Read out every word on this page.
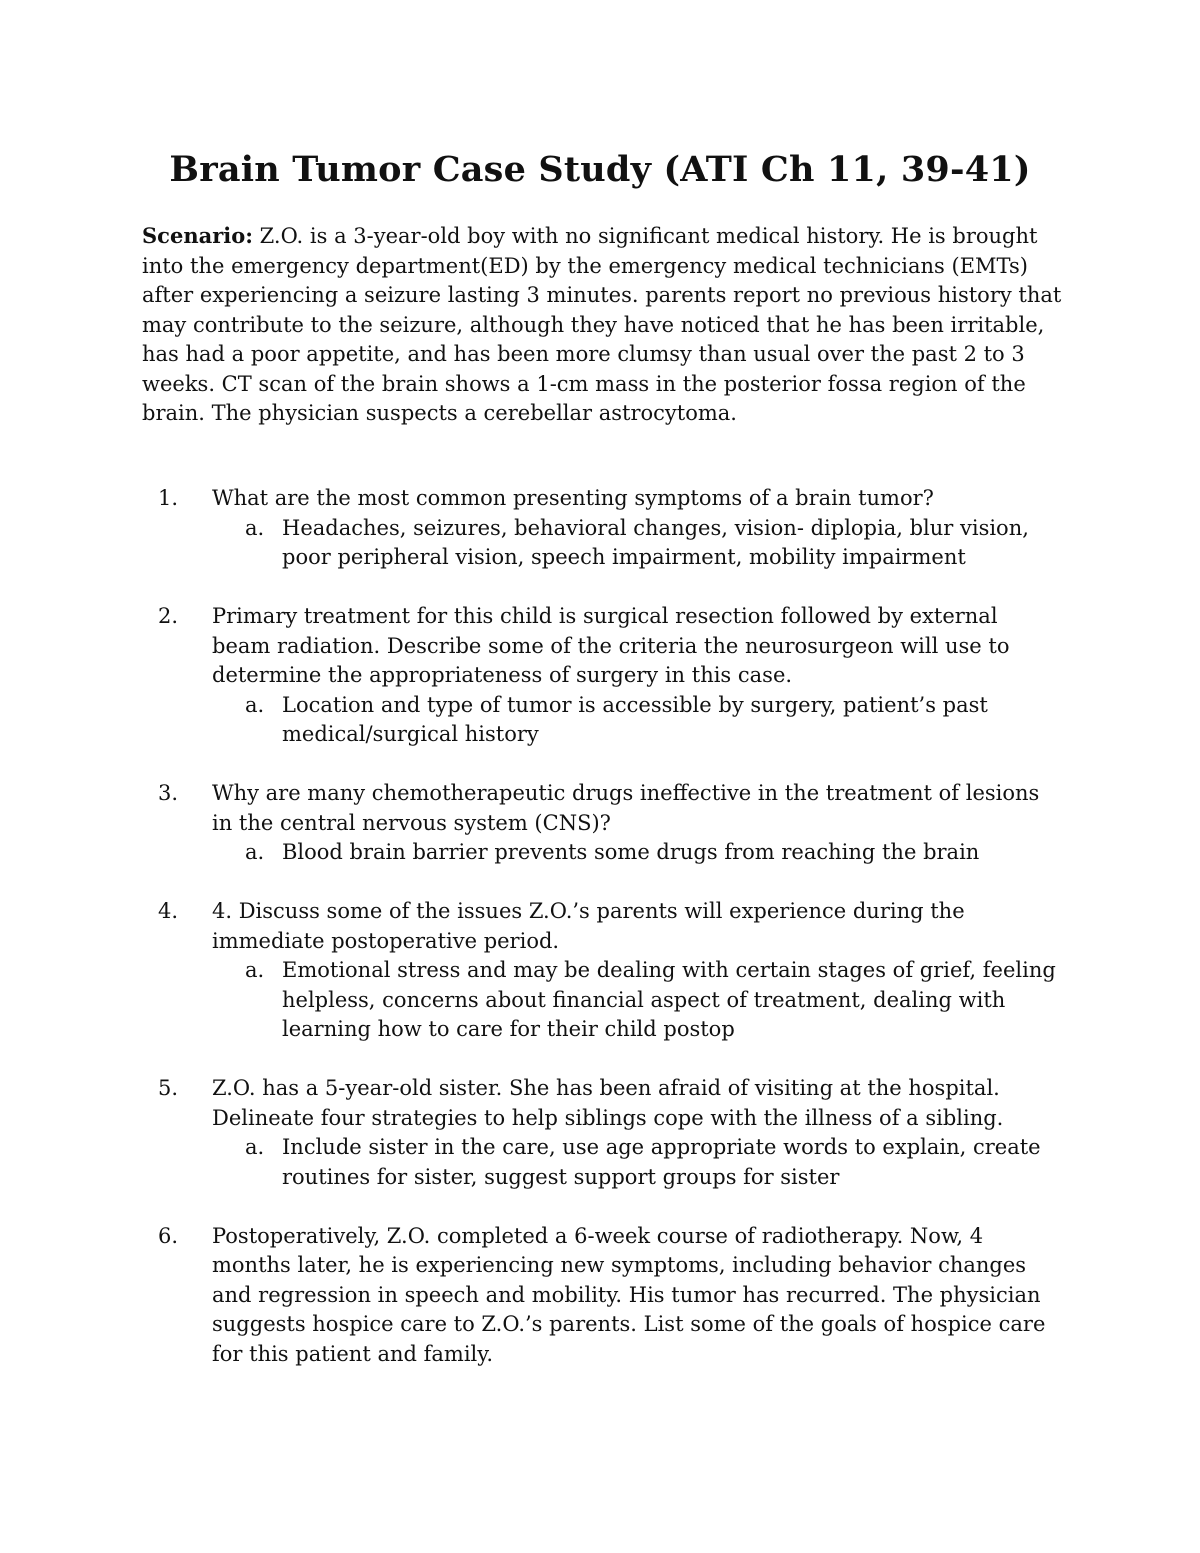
Brain Tumor Case Study (ATI Ch 11, 39-41)

Scenario: Z.O. is a 3-year-old boy with no significant medical history. He is brought into the emergency department(ED) by the emergency medical technicians (EMTs) after experiencing a seizure lasting 3 minutes. parents report no previous history that may contribute to the seizure, although they have noticed that he has been irritable, has had a poor appetite, and has been more clumsy than usual over the past 2 to 3 weeks. CT scan of the brain shows a 1-cm mass in the posterior fossa region of the brain. The physician suspects a cerebellar astrocytoma.

1.	What are the most common presenting symptoms of a brain tumor?
a. Headaches, seizures, behavioral changes, vision- diplopia, blur vision, poor peripheral vision, speech impairment, mobility impairment
2.	Primary treatment for this child is surgical resection followed by external beam radiation. Describe some of the criteria the neurosurgeon will use to determine the appropriateness of surgery in this case.
a. Location and type of tumor is accessible by surgery, patient’s past medical/surgical history
3.	Why are many chemotherapeutic drugs ineffective in the treatment of lesions in the central nervous system (CNS)?
a. Blood brain barrier prevents some drugs from reaching the brain
4.	4. Discuss some of the issues Z.O.’s parents will experience during the immediate postoperative period.
a. Emotional stress and may be dealing with certain stages of grief, feeling helpless, concerns about financial aspect of treatment, dealing with learning how to care for their child postop
5.	Z.O. has a 5-year-old sister. She has been afraid of visiting at the hospital. Delineate four strategies to help siblings cope with the illness of a sibling.
a. Include sister in the care, use age appropriate words to explain, create routines for sister, suggest support groups for sister
6.	Postoperatively, Z.O. completed a 6-week course of radiotherapy. Now, 4 months later, he is experiencing new symptoms, including behavior changes and regression in speech and mobility. His tumor has recurred. The physician suggests hospice care to Z.O.’s parents. List some of the goals of hospice care for this patient and family.
